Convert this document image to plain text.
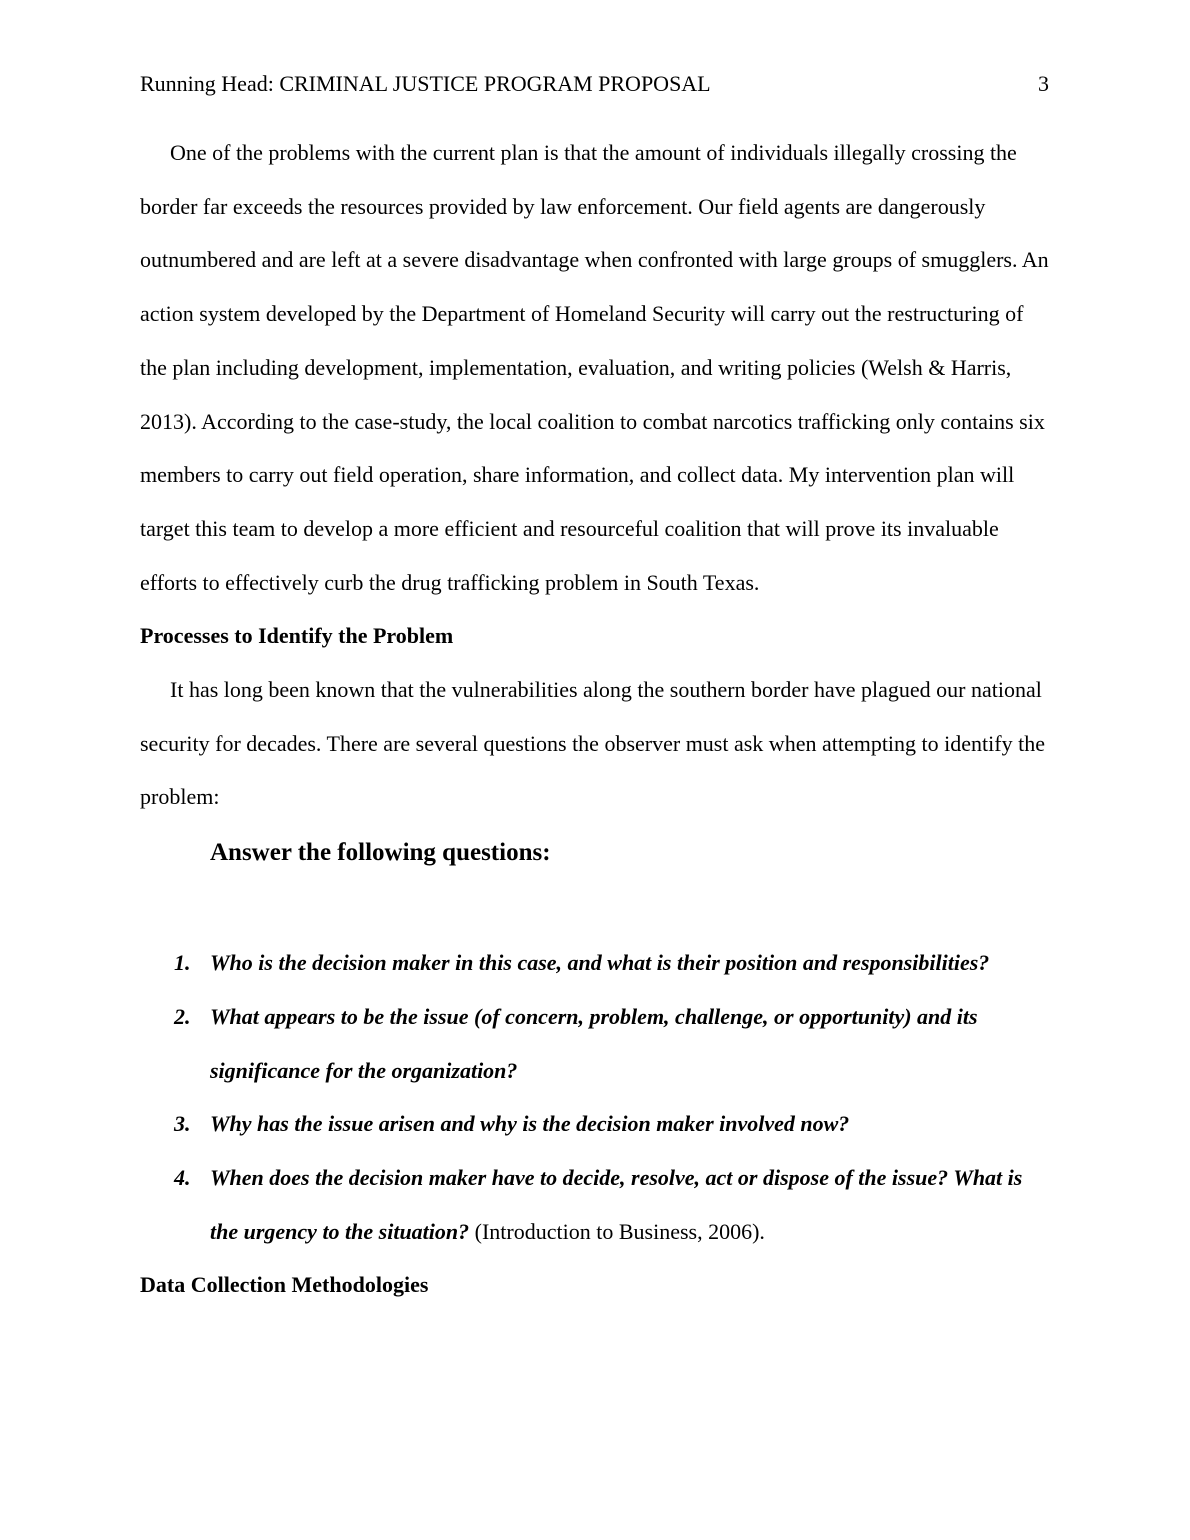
Running Head: CRIMINAL JUSTICE PROGRAM PROPOSAL	3

One of the problems with the current plan is that the amount of individuals illegally crossing the border far exceeds the resources provided by law enforcement. Our field agents are dangerously outnumbered and are left at a severe disadvantage when confronted with large groups of smugglers. An action system developed by the Department of Homeland Security will carry out the restructuring of the plan including development, implementation, evaluation, and writing policies (Welsh & Harris, 2013). According to the case-study, the local coalition to combat narcotics trafficking only contains six members to carry out field operation, share information, and collect data. My intervention plan will target this team to develop a more efficient and resourceful coalition that will prove its invaluable efforts to effectively curb the drug trafficking problem in South Texas.

Processes to Identify the Problem

It has long been known that the vulnerabilities along the southern border have plagued our national security for decades. There are several questions the observer must ask when attempting to identify the problem:

Answer the following questions:

1. Who is the decision maker in this case, and what is their position and responsibilities?
2. What appears to be the issue (of concern, problem, challenge, or opportunity) and its significance for the organization?
3. Why has the issue arisen and why is the decision maker involved now?
4. When does the decision maker have to decide, resolve, act or dispose of the issue? What is the urgency to the situation? (Introduction to Business, 2006).

Data Collection Methodologies
